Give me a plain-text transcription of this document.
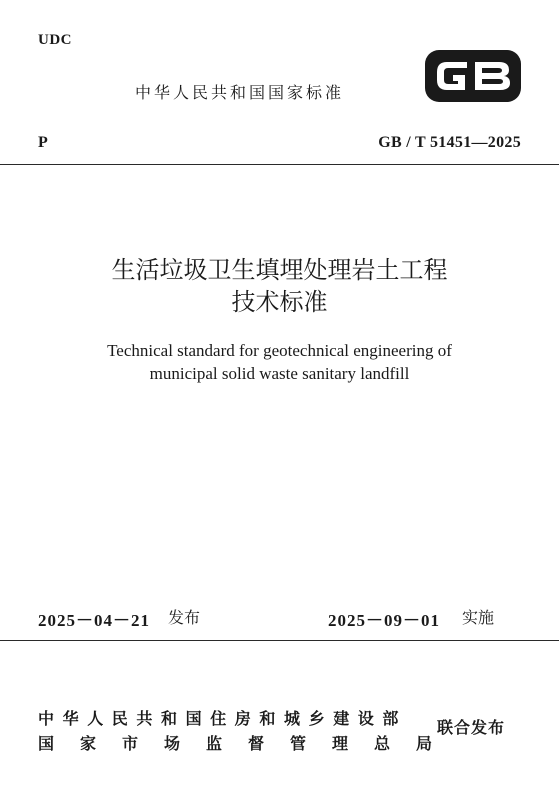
UDC
中华人民共和国国家标准
P	GB / T 51451—2025
生活垃圾卫生填埋处理岩土工程
技术标准
Technical standard for geotechnical engineering of
municipal solid waste sanitary landfill
2025－04－21 发布	2025－09－01 实施
中华人民共和国住房和城乡建设部
国家市场监督管理总局
联合发布
